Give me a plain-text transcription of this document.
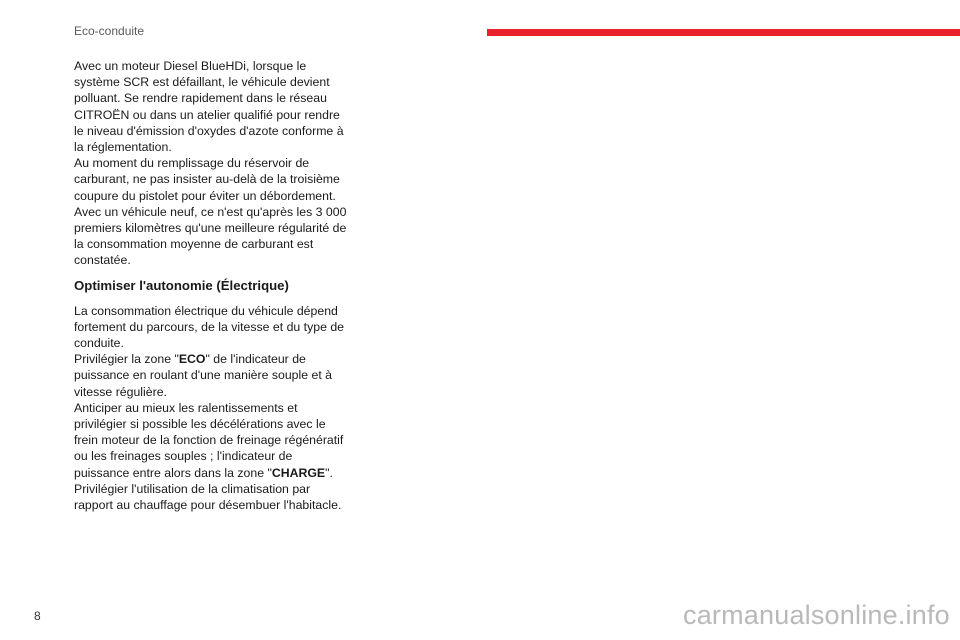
Eco-conduite

Avec un moteur Diesel BlueHDi, lorsque le système SCR est défaillant, le véhicule devient polluant. Se rendre rapidement dans le réseau CITROËN ou dans un atelier qualifié pour rendre le niveau d'émission d'oxydes d'azote conforme à la réglementation.

Au moment du remplissage du réservoir de carburant, ne pas insister au-delà de la troisième coupure du pistolet pour éviter un débordement.

Avec un véhicule neuf, ce n'est qu'après les 3 000 premiers kilomètres qu'une meilleure régularité de la consommation moyenne de carburant est constatée.

Optimiser l'autonomie (Électrique)

La consommation électrique du véhicule dépend fortement du parcours, de la vitesse et du type de conduite.

Privilégier la zone "ECO" de l'indicateur de puissance en roulant d'une manière souple et à vitesse régulière.

Anticiper au mieux les ralentissements et privilégier si possible les décélérations avec le frein moteur de la fonction de freinage régénératif ou les freinages souples ; l'indicateur de puissance entre alors dans la zone "CHARGE".

Privilégier l'utilisation de la climatisation par rapport au chauffage pour désembuer l'habitacle.

8	carmanualsonline.info
